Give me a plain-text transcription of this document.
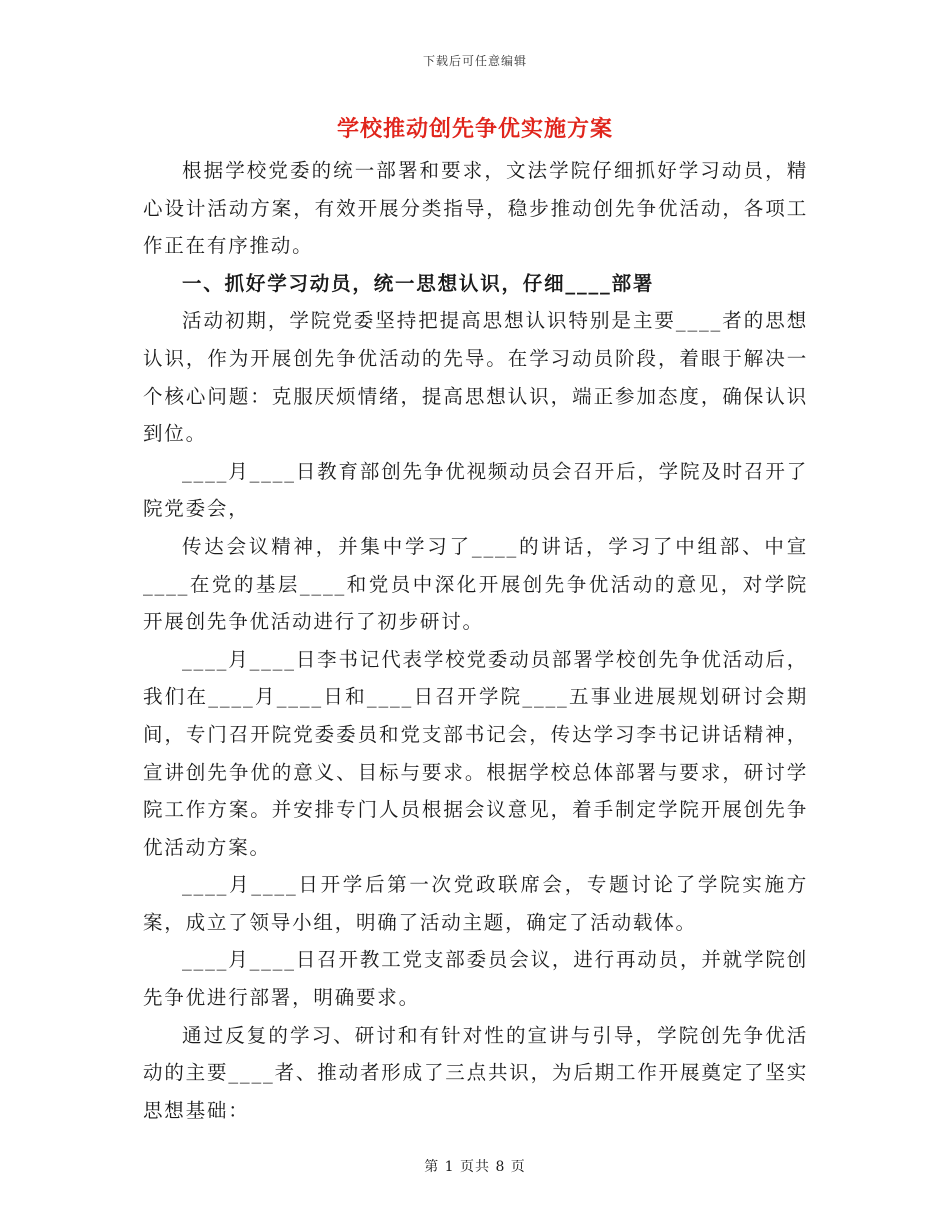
下载后可任意编辑
学校推动创先争优实施方案

根据学校党委的统一部署和要求，文法学院仔细抓好学习动员，精心设计活动方案，有效开展分类指导，稳步推动创先争优活动，各项工作正在有序推动。

一、抓好学习动员，统一思想认识，仔细____部署

活动初期，学院党委坚持把提高思想认识特别是主要____者的思想认识，作为开展创先争优活动的先导。在学习动员阶段，着眼于解决一个核心问题：克服厌烦情绪，提高思想认识，端正参加态度，确保认识到位。

____月____日教育部创先争优视频动员会召开后，学院及时召开了院党委会，

传达会议精神，并集中学习了____的讲话，学习了中组部、中宣____在党的基层____和党员中深化开展创先争优活动的意见，对学院开展创先争优活动进行了初步研讨。

____月____日李书记代表学校党委动员部署学校创先争优活动后，我们在____月____日和____日召开学院____五事业进展规划研讨会期间，专门召开院党委委员和党支部书记会，传达学习李书记讲话精神，宣讲创先争优的意义、目标与要求。根据学校总体部署与要求，研讨学院工作方案。并安排专门人员根据会议意见，着手制定学院开展创先争优活动方案。

____月____日开学后第一次党政联席会，专题讨论了学院实施方案，成立了领导小组，明确了活动主题，确定了活动载体。

____月____日召开教工党支部委员会议，进行再动员，并就学院创先争优进行部署，明确要求。

通过反复的学习、研讨和有针对性的宣讲与引导，学院创先争优活动的主要____者、推动者形成了三点共识，为后期工作开展奠定了坚实思想基础：

第 1 页共 8 页
